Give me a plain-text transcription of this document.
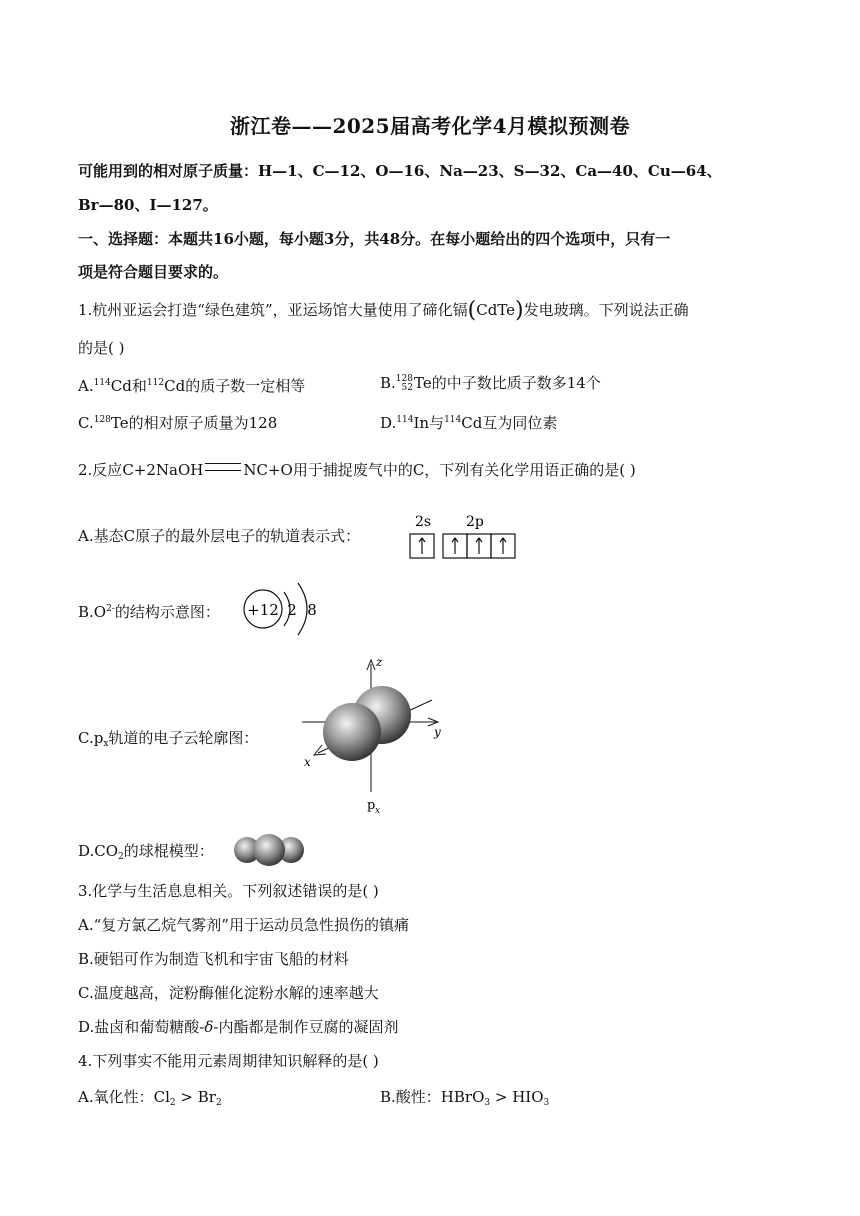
浙江卷——2025届高考化学4月模拟预测卷
可能用到的相对原子质量：H—1、C—12、O—16、Na—23、S—32、Ca—40、Cu—64、
Br—80、I—127。
一、选择题：本题共16小题，每小题3分，共48分。在每小题给出的四个选项中，只有一
项是符合题目要求的。
1.杭州亚运会打造“绿色建筑”，亚运场馆大量使用了碲化镉(CdTe)发电玻璃。下列说法正确
的是( )
A.$^{114}$Cd和$^{112}$Cd的质子数一定相等	B.128
52Te的中子数比质子数多14个
C.$^{128}$Te的相对原子质量为128	D.$^{114}$In与$^{114}$Cd互为同位素
2.反应C+2NaOH	NC+O用于捕捉废气中的C，下列有关化学用语正确的是( )
A.基态C原子的最外层电子的轨道表示式：
2s 2p
$B.O^{2-}$的结构示意图： +12 2 8
$C.p_x$轨道的电子云轮廓图：
z
y
x
p x
$D.CO_2$的球棍模型：
3.化学与生活息息相关。下列叙述错误的是( )
A.“复方氯乙烷气雾剂”用于运动员急性损伤的镇痛
B.硬铝可作为制造飞机和宇宙飞船的材料
C.温度越高，淀粉酶催化淀粉水解的速率越大
D.盐卤和葡萄糖酸-δ-内酯都是制作豆腐的凝固剂
4.下列事实不能用元素周期律知识解释的是( )
A.氧化性：$Cl_2 > Br_2$	B.酸性：HBrO$_3$ > $HIO_3$
